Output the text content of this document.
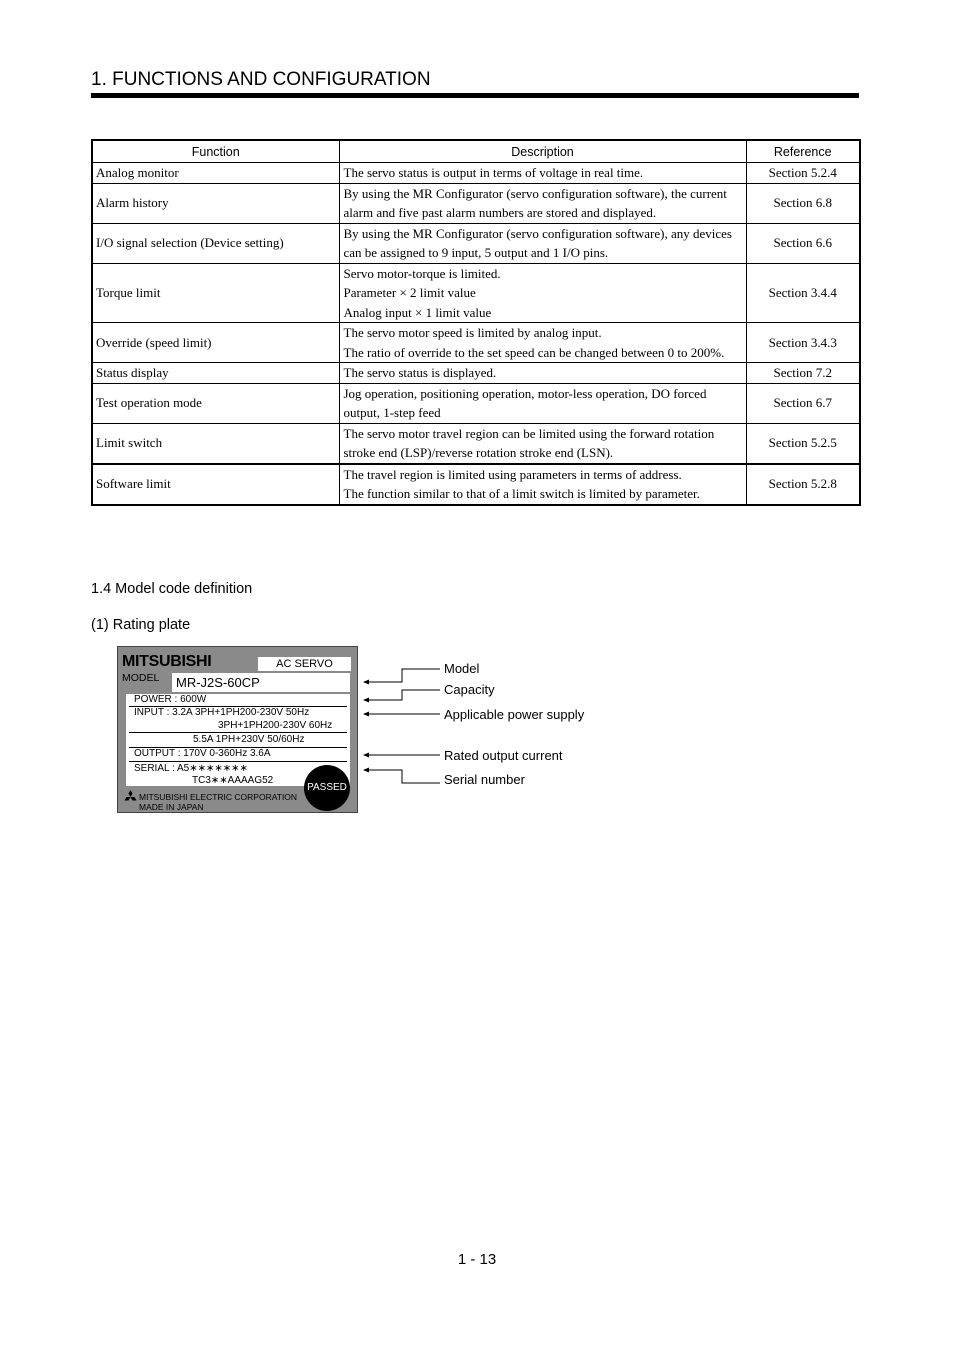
1. FUNCTIONS AND CONFIGURATION
Function	Description	Reference
Analog monitor	The servo status is output in terms of voltage in real time.	Section 5.2.4
Alarm history	By using the MR Configurator (servo configuration software), the current alarm and five past alarm numbers are stored and displayed.	Section 6.8
I/O signal selection (Device setting)	By using the MR Configurator (servo configuration software), any devices can be assigned to 9 input, 5 output and 1 I/O pins.	Section 6.6
Torque limit	Servo motor-torque is limited.
Parameter × 2 limit value
Analog input × 1 limit value	Section 3.4.4
Override (speed limit)	The servo motor speed is limited by analog input.
The ratio of override to the set speed can be changed between 0 to 200%.	Section 3.4.3
Status display	The servo status is displayed.	Section 7.2
Test operation mode	Jog operation, positioning operation, motor-less operation, DO forced output, 1-step feed	Section 6.7
Limit switch	The servo motor travel region can be limited using the forward rotation stroke end (LSP)/reverse rotation stroke end (LSN).	Section 5.2.5
Software limit	The travel region is limited using parameters in terms of address.
The function similar to that of a limit switch is limited by parameter.	Section 5.2.8
1.4 Model code definition
(1) Rating plate
MITSUBISHI	AC SERVO
MODEL	MR-J2S-60CP
POWER : 600W
INPUT : 3.2A 3PH+1PH200-230V 50Hz
3PH+1PH200-230V 60Hz
5.5A 1PH+230V 50/60Hz
OUTPUT : 170V 0-360Hz 3.6A
SERIAL : A5∗∗∗∗∗∗∗
TC3∗∗AAAAG52
PASSED
MITSUBISHI ELECTRIC CORPORATION
MADE IN JAPAN
Model
Capacity
Applicable power supply
Rated output current
Serial number
1 - 13
